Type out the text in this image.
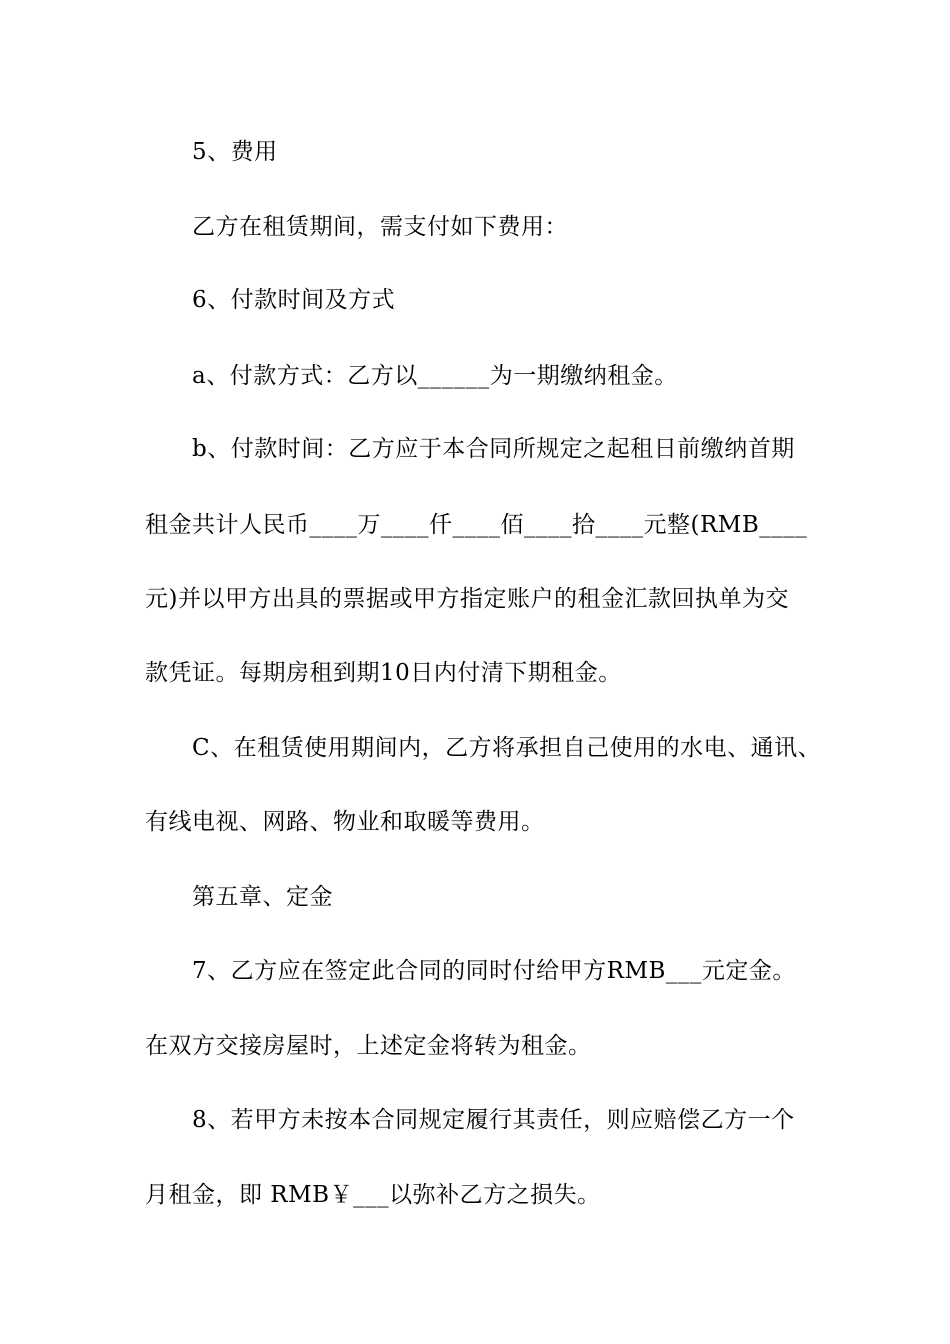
5、费用
乙方在租赁期间，需支付如下费用：
6、付款时间及方式
a、付款方式：乙方以______为一期缴纳租金。
b、付款时间：乙方应于本合同所规定之起租日前缴纳首期
租金共计人民币____万____仟____佰____拾____元整(RMB____
元)并以甲方出具的票据或甲方指定账户的租金汇款回执单为交
款凭证。每期房租到期10日内付清下期租金。
C、在租赁使用期间内，乙方将承担自己使用的水电、通讯、
有线电视、网路、物业和取暖等费用。
第五章、定金
7、乙方应在签定此合同的同时付给甲方RMB___元定金。
在双方交接房屋时，上述定金将转为租金。
8、若甲方未按本合同规定履行其责任，则应赔偿乙方一个
月租金，即 RMB￥___以弥补乙方之损失。
